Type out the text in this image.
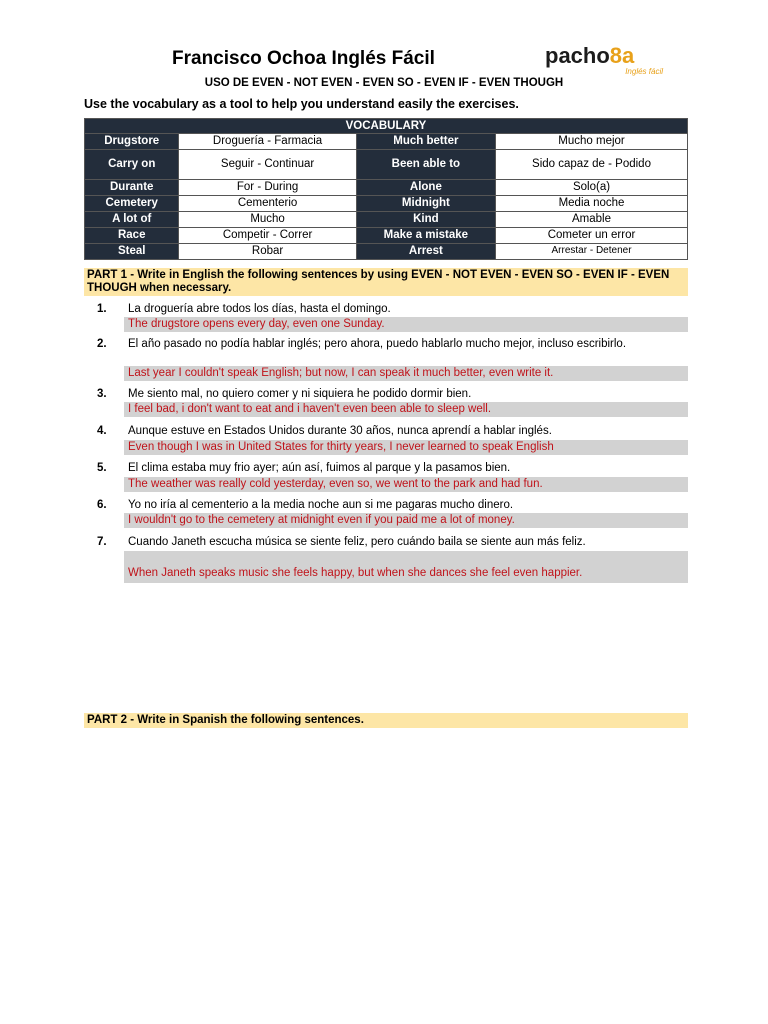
Francisco Ochoa Inglés Fácil	pacho8a
Inglés fácil
USO DE EVEN - NOT EVEN - EVEN SO - EVEN IF - EVEN THOUGH
Use the vocabulary as a tool to help you understand easily the exercises.
VOCABULARY			
Drugstore	Droguería - Farmacia	Much better	Mucho mejor
Carry on	Seguir - Continuar	Been able to	Sido capaz de - Podido
Durante	For - During	Alone	Solo(a)
Cemetery	Cementerio	Midnight	Media noche
A lot of	Mucho	Kind	Amable
Race	Competir - Correr	Make a mistake	Cometer un error
Steal	Robar	Arrest	Arrestar - Detener
PART 1 - Write in English the following sentences by using EVEN - NOT EVEN - EVEN SO - EVEN IF - EVEN THOUGH when necessary.
1.	La droguería abre todos los días, hasta el domingo.
The drugstore opens every day, even one Sunday.
2.	El año pasado no podía hablar inglés; pero ahora, puedo hablarlo mucho mejor, incluso escribirlo.
Last year I couldn't speak English; but now, I can speak it much better, even write it.
3.	Me siento mal, no quiero comer y ni siquiera he podido dormir bien.
I feel bad, i don't want to eat and i haven't even been able to sleep well.
4.	Aunque estuve en Estados Unidos durante 30 años, nunca aprendí a hablar inglés.
Even though I was in United States for thirty years, I never learned to speak English
5.	El clima estaba muy frio ayer; aún así, fuimos al parque y la pasamos bien.
The weather was really cold yesterday, even so, we went to the park and had fun.
6.	Yo no iría al cementerio a la media noche aun si me pagaras mucho dinero.
I wouldn't go to the cemetery at midnight even if you paid me a lot of money.
7.	Cuando Janeth escucha música se siente feliz, pero cuándo baila se siente aun más feliz.
When Janeth speaks music she feels happy, but when she dances she feel even happier.
PART 2 - Write in Spanish the following sentences.
